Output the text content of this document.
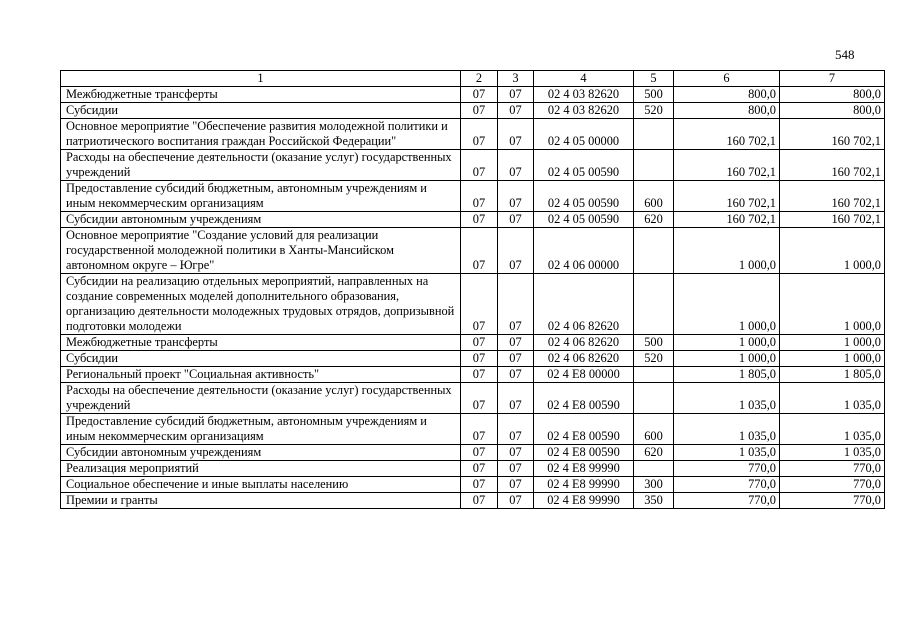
548
1	2	3	4	5	6	7
Межбюджетные трансферты	07	07	02 4 03 82620	500	800,0	800,0
Субсидии	07	07	02 4 03 82620	520	800,0	800,0
Основное мероприятие "Обеспечение развития молодежной политики и патриотического воспитания граждан Российской Федерации"	07	07	02 4 05 00000		160 702,1	160 702,1
Расходы на обеспечение деятельности (оказание услуг) государственных учреждений	07	07	02 4 05 00590		160 702,1	160 702,1
Предоставление субсидий бюджетным, автономным учреждениям и иным некоммерческим организациям	07	07	02 4 05 00590	600	160 702,1	160 702,1
Субсидии автономным учреждениям	07	07	02 4 05 00590	620	160 702,1	160 702,1
Основное мероприятие "Создание условий для реализации государственной молодежной политики в Ханты-Мансийском автономном округе – Югре"	07	07	02 4 06 00000		1 000,0	1 000,0
Субсидии на реализацию отдельных мероприятий, направленных на создание современных моделей дополнительного образования, организацию деятельности молодежных трудовых отрядов, допризывной подготовки молодежи	07	07	02 4 06 82620		1 000,0	1 000,0
Межбюджетные трансферты	07	07	02 4 06 82620	500	1 000,0	1 000,0
Субсидии	07	07	02 4 06 82620	520	1 000,0	1 000,0
Региональный проект "Социальная активность"	07	07	02 4 E8 00000		1 805,0	1 805,0
Расходы на обеспечение деятельности (оказание услуг) государственных учреждений	07	07	02 4 E8 00590		1 035,0	1 035,0
Предоставление субсидий бюджетным, автономным учреждениям и иным некоммерческим организациям	07	07	02 4 E8 00590	600	1 035,0	1 035,0
Субсидии автономным учреждениям	07	07	02 4 E8 00590	620	1 035,0	1 035,0
Реализация мероприятий	07	07	02 4 E8 99990		770,0	770,0
Социальное обеспечение и иные выплаты населению	07	07	02 4 E8 99990	300	770,0	770,0
Премии и гранты	07	07	02 4 E8 99990	350	770,0	770,0
